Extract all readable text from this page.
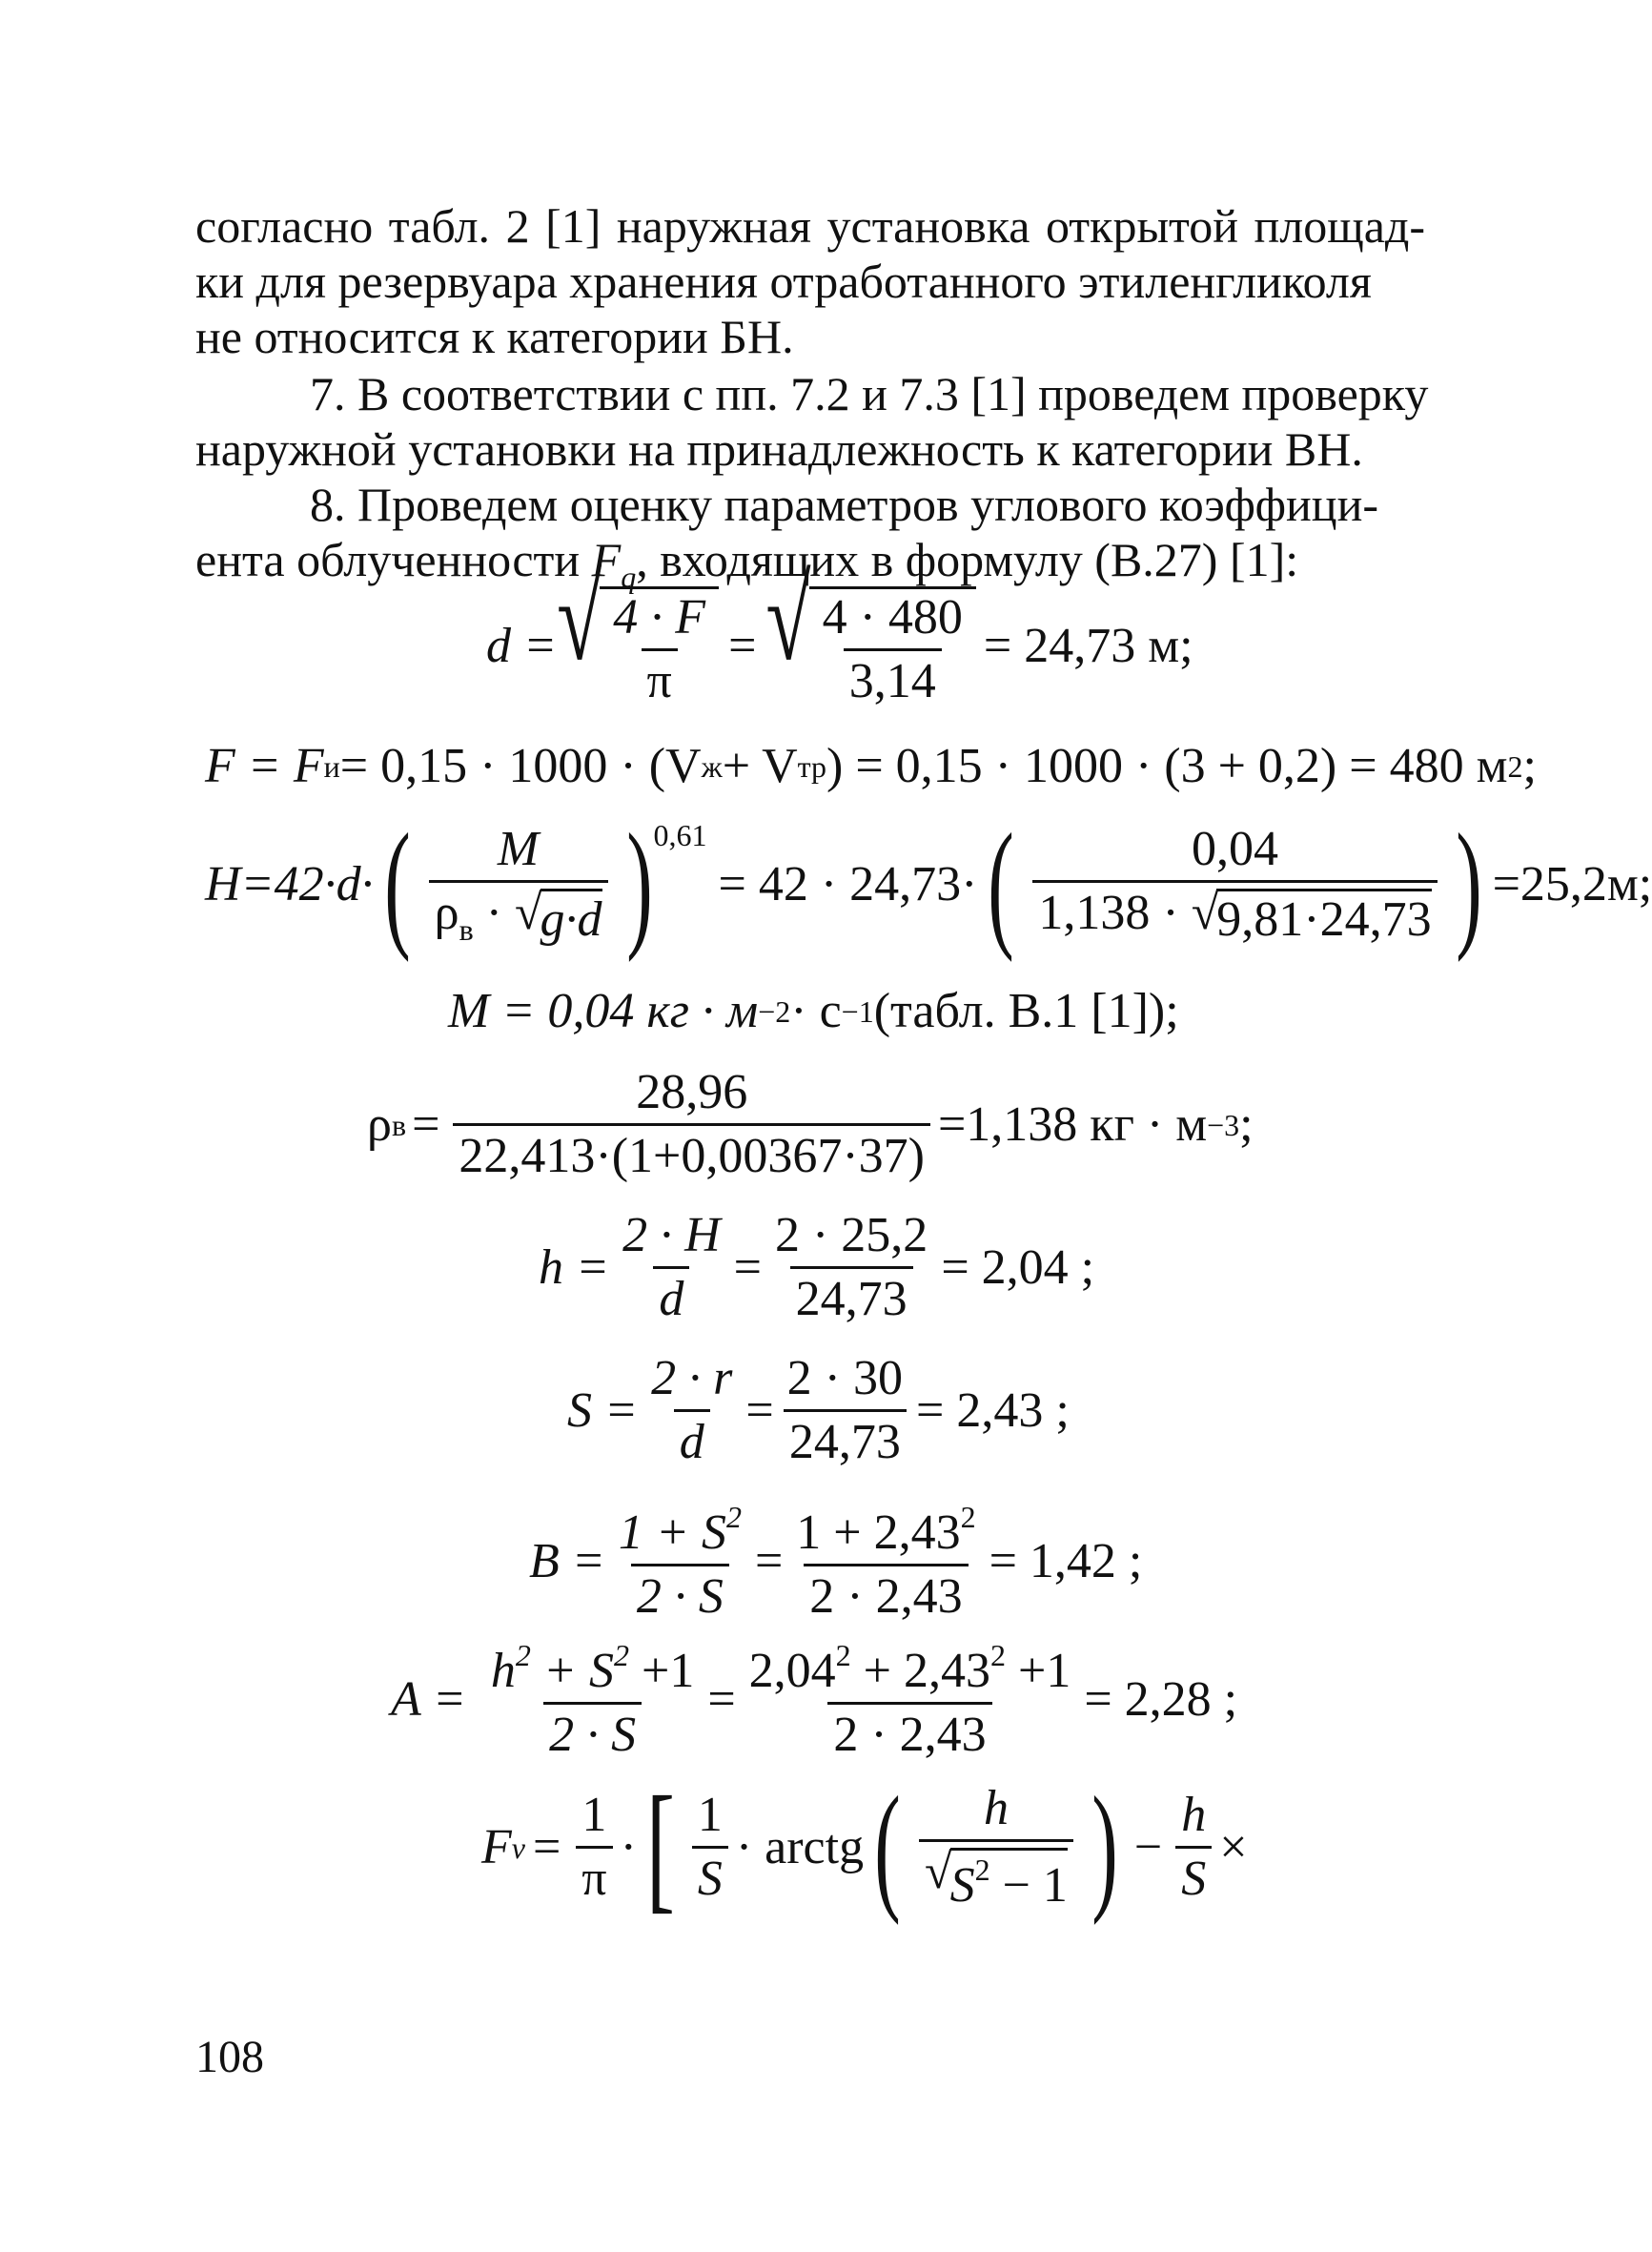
согласно табл. 2 [1] наружная установка открытой площад-
ки для резервуара хранения отработанного этиленгликоля
не относится к категории БН.
7. В соответствии с пп. 7.2 и 7.3 [1] проведем проверку
наружной установки на принадлежность к категории ВН.
8. Проведем оценку параметров углового коэффици-
ента облученности $F_q$, входящих в формулу (В.27) [1]:
d = √ $\frac{4 \cdot F}{\pi}$ = √ $\frac{4 \cdot 480}{3,14} = 24,73$ м;
F = F и = 0,15 · 1000 · (V ж + V тр ) = 0,15 · 1000 · (3 + 0,2) = 480 м 2 ;
H=42·d· ( M
$\rho_в$ · √
g·d ) 0,61
= 42 · 24,73· ( 0,04
1,138 · √
9,81·24,73 ) =25,2м;
M = 0,04 кг · м −2 · с −1 (табл. В.1 [1]);
ρ $в = \frac{28,96}{22,413\cdot(1+0,00367\cdot 37)} =1,138$ кг · м −3 ;
$h = \frac{2 \cdot H}{d} = \frac{2 \cdot 25,2}{24,73} = 2,04$ ;
$S = \frac{2 \cdot r}{d} = \frac{2 \cdot 30}{24,73} = 2,43$ ;
$B = \frac{1 + S^2}{2 \cdot S} = \frac{1 + 2,43^2}{2 \cdot 2,43} = 1,42$ ;
$A = \frac{h^2 + S^2 +1}{2 \cdot S} = \frac{2,04^2 + 2,43^2 +1}{2 \cdot 2,43} = 2,28$ ;
F $v = \frac{1}{\pi}$ · [ $\frac{1}{S}$ · arctg ( h
√
$S^2 - 1$ ) − $\frac{h}{S}$ ×
108
